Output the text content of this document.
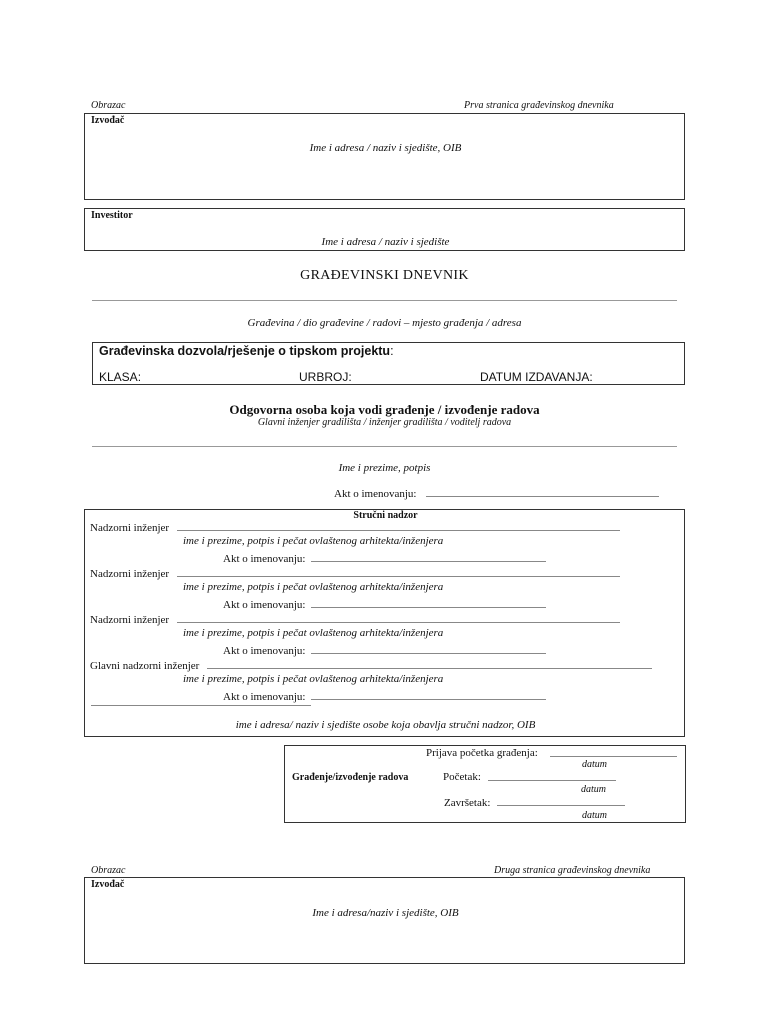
Obrazac	Prva stranica građevinskog dnevnika
Izvođač
Ime i adresa / naziv i sjedište, OIB
Investitor
Ime i adresa / naziv i sjedište
GRAĐEVINSKI DNEVNIK
Građevina / dio građevine / radovi – mjesto građenja / adresa
Građevinska dozvola/rješenje o tipskom projektu:
KLASA:	URBROJ:	DATUM IZDAVANJA:
Odgovorna osoba koja vodi građenje / izvođenje radova
Glavni inženjer gradilišta / inženjer gradilišta / voditelj radova
Ime i prezime, potpis
Akt o imenovanju:
Stručni nadzor
Nadzorni inženjer
ime i prezime, potpis i pečat ovlaštenog arhitekta/inženjera
Akt o imenovanju:
Nadzorni inženjer
ime i prezime, potpis i pečat ovlaštenog arhitekta/inženjera
Akt o imenovanju:
Nadzorni inženjer
ime i prezime, potpis i pečat ovlaštenog arhitekta/inženjera
Akt o imenovanju:
Glavni nadzorni inženjer
ime i prezime, potpis i pečat ovlaštenog arhitekta/inženjera
Akt o imenovanju:
ime i adresa/ naziv i sjedište osobe koja obavlja stručni nadzor, OIB
Prijava početka građenja:
datum
Građenje/izvođenje radova	Početak:
datum
Završetak:
datum
Obrazac	Druga stranica građevinskog dnevnika
Izvođač
Ime i adresa/naziv i sjedište, OIB
